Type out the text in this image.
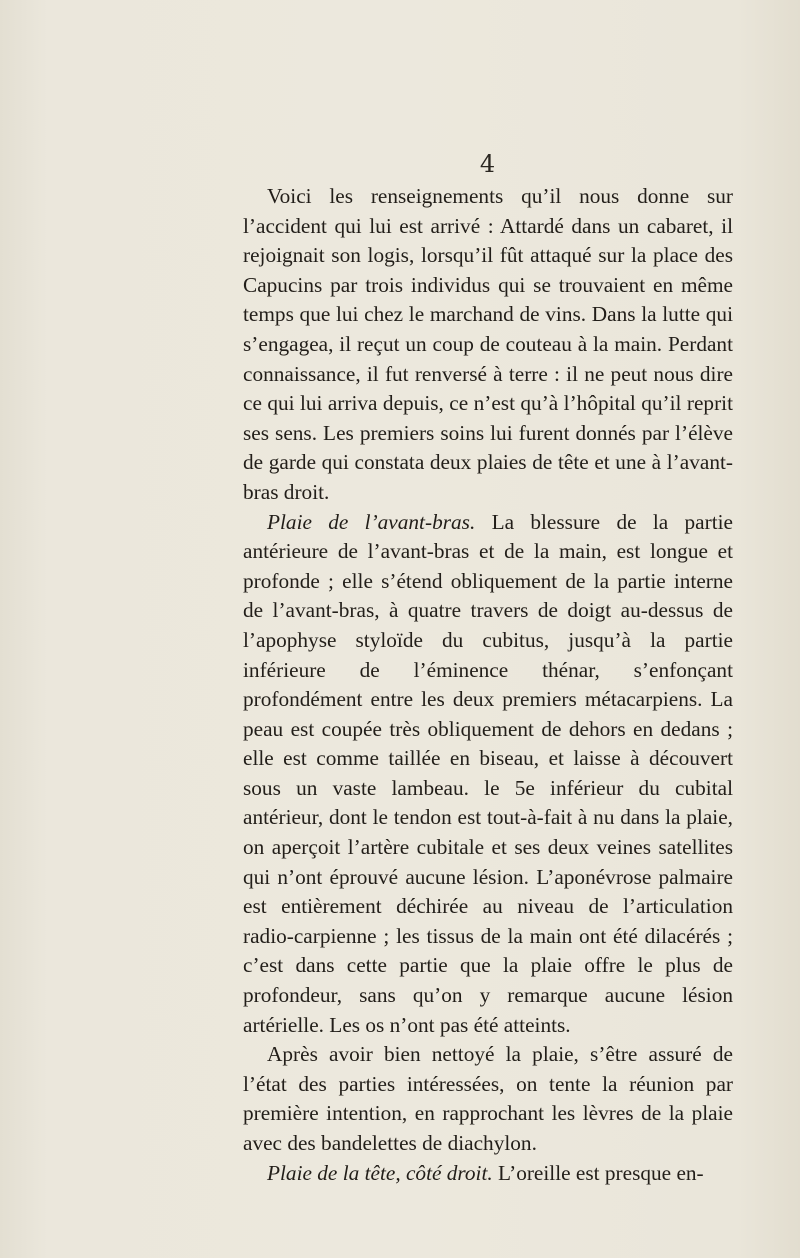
4

Voici les renseignements qu’il nous donne sur l’accident qui lui est arrivé : Attardé dans un cabaret, il rejoignait son logis, lorsqu’il fût attaqué sur la place des Capucins par trois individus qui se trouvaient en même temps que lui chez le marchand de vins. Dans la lutte qui s’engagea, il reçut un coup de couteau à la main. Perdant connaissance, il fut renversé à terre : il ne peut nous dire ce qui lui arriva depuis, ce n’est qu’à l’hôpital qu’il reprit ses sens. Les premiers soins lui furent donnés par l’élève de garde qui constata deux plaies de tête et une à l’avant-bras droit.

Plaie de l’avant-bras. La blessure de la partie antérieure de l’avant-bras et de la main, est longue et profonde ; elle s’étend obliquement de la partie interne de l’avant-bras, à quatre travers de doigt au-dessus de l’apophyse styloïde du cubitus, jusqu’à la partie inférieure de l’éminence thénar, s’enfonçant profondément entre les deux premiers métacarpiens. La peau est coupée très obliquement de dehors en dedans ; elle est comme taillée en biseau, et laisse à découvert sous un vaste lambeau. le 5e inférieur du cubital antérieur, dont le tendon est tout-à-fait à nu dans la plaie, on aperçoit l’artère cubitale et ses deux veines satellites qui n’ont éprouvé aucune lésion. L’aponévrose palmaire est entièrement déchirée au niveau de l’articulation radio-carpienne ; les tissus de la main ont été dilacérés ; c’est dans cette partie que la plaie offre le plus de profondeur, sans qu’on y remarque aucune lésion artérielle. Les os n’ont pas été atteints.

Après avoir bien nettoyé la plaie, s’être assuré de l’état des parties intéressées, on tente la réunion par première intention, en rapprochant les lèvres de la plaie avec des bandelettes de diachylon.

Plaie de la tête, côté droit. L’oreille est presque en-
